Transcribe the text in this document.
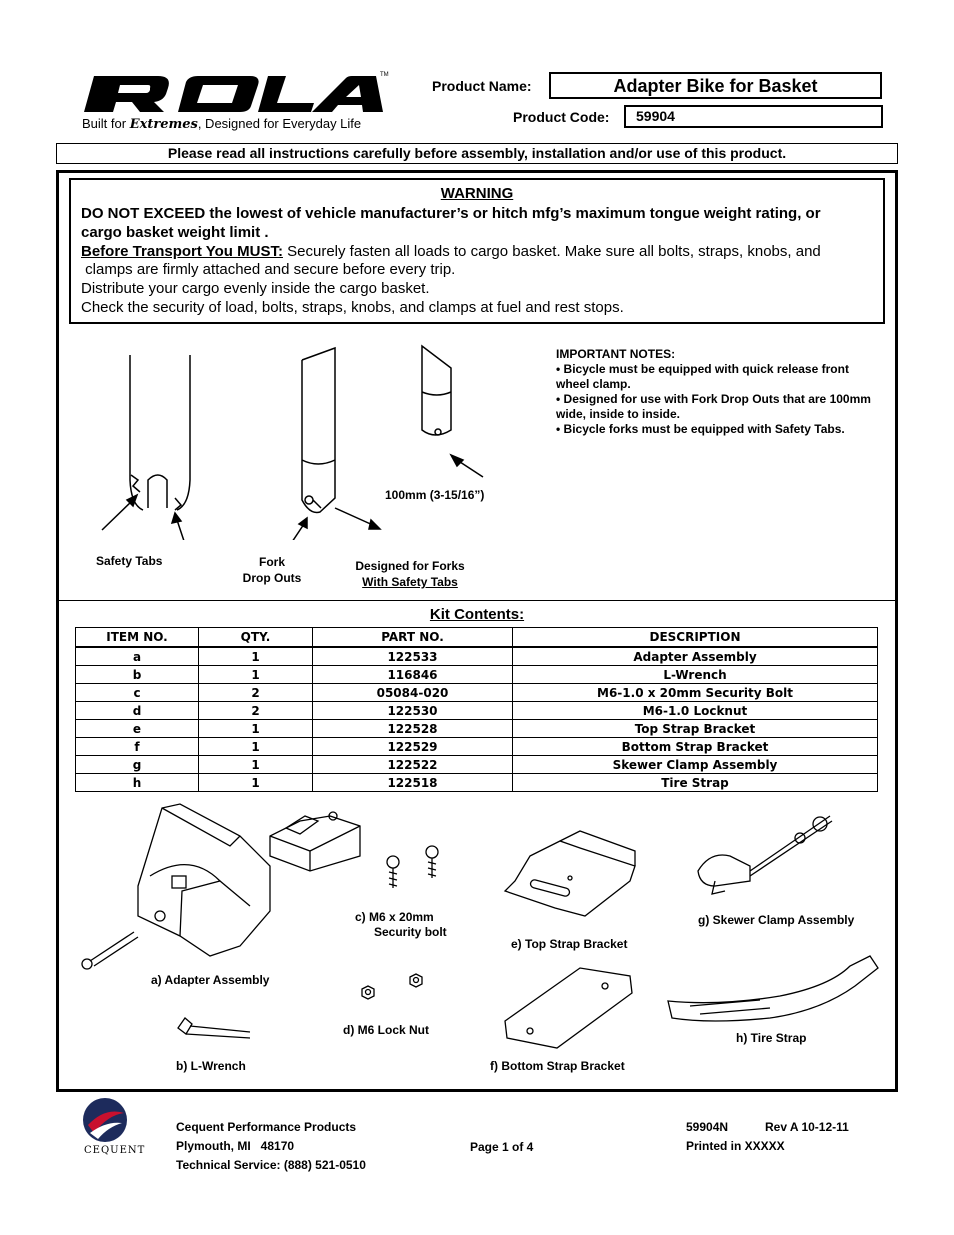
TM
Built for Extremes, Designed for Everyday Life
Product Name:	Adapter Bike for Basket
Product Code:	59904
Please read all instructions carefully before assembly, installation and/or use of this product.
WARNING
DO NOT EXCEED the lowest of vehicle manufacturer’s or hitch mfg’s maximum tongue weight rating, or
cargo basket weight limit .
Before Transport You MUST: Securely fasten all loads to cargo basket. Make sure all bolts, straps, knobs, and
clamps are firmly attached and secure before every trip.
Distribute your cargo evenly inside the cargo basket.
Check the security of load, bolts, straps, knobs, and clamps at fuel and rest stops.
Safety Tabs	Fork
Drop Outs
Designed for Forks
With Safety Tabs
100mm (3-15/16”)
IMPORTANT NOTES:
• Bicycle must be equipped with quick release front wheel clamp.
• Designed for use with Fork Drop Outs that are 100mm wide, inside to inside.
• Bicycle forks must be equipped with Safety Tabs.
Kit Contents:
ITEM NO.	QTY.	PART NO.	DESCRIPTION
a	1	122533	Adapter Assembly
b	1	116846	L-Wrench
c	2	05084-020	M6-1.0 x 20mm Security Bolt
d	2	122530	M6-1.0 Locknut
e	1	122528	Top Strap Bracket
f	1	122529	Bottom Strap Bracket
g	1	122522	Skewer Clamp Assembly
h	1	122518	Tire Strap
a) Adapter Assembly
b) L-Wrench
c) M6 x 20mm
Security bolt
d) M6 Lock Nut
e) Top Strap Bracket
f) Bottom Strap Bracket
g) Skewer Clamp Assembly
h) Tire Strap
CEQUENT
Cequent Performance Products
Plymouth, MI   48170
Technical Service: (888) 521-0510
Page 1 of 4
59904N	Rev A 10-12-11
Printed in XXXXX
